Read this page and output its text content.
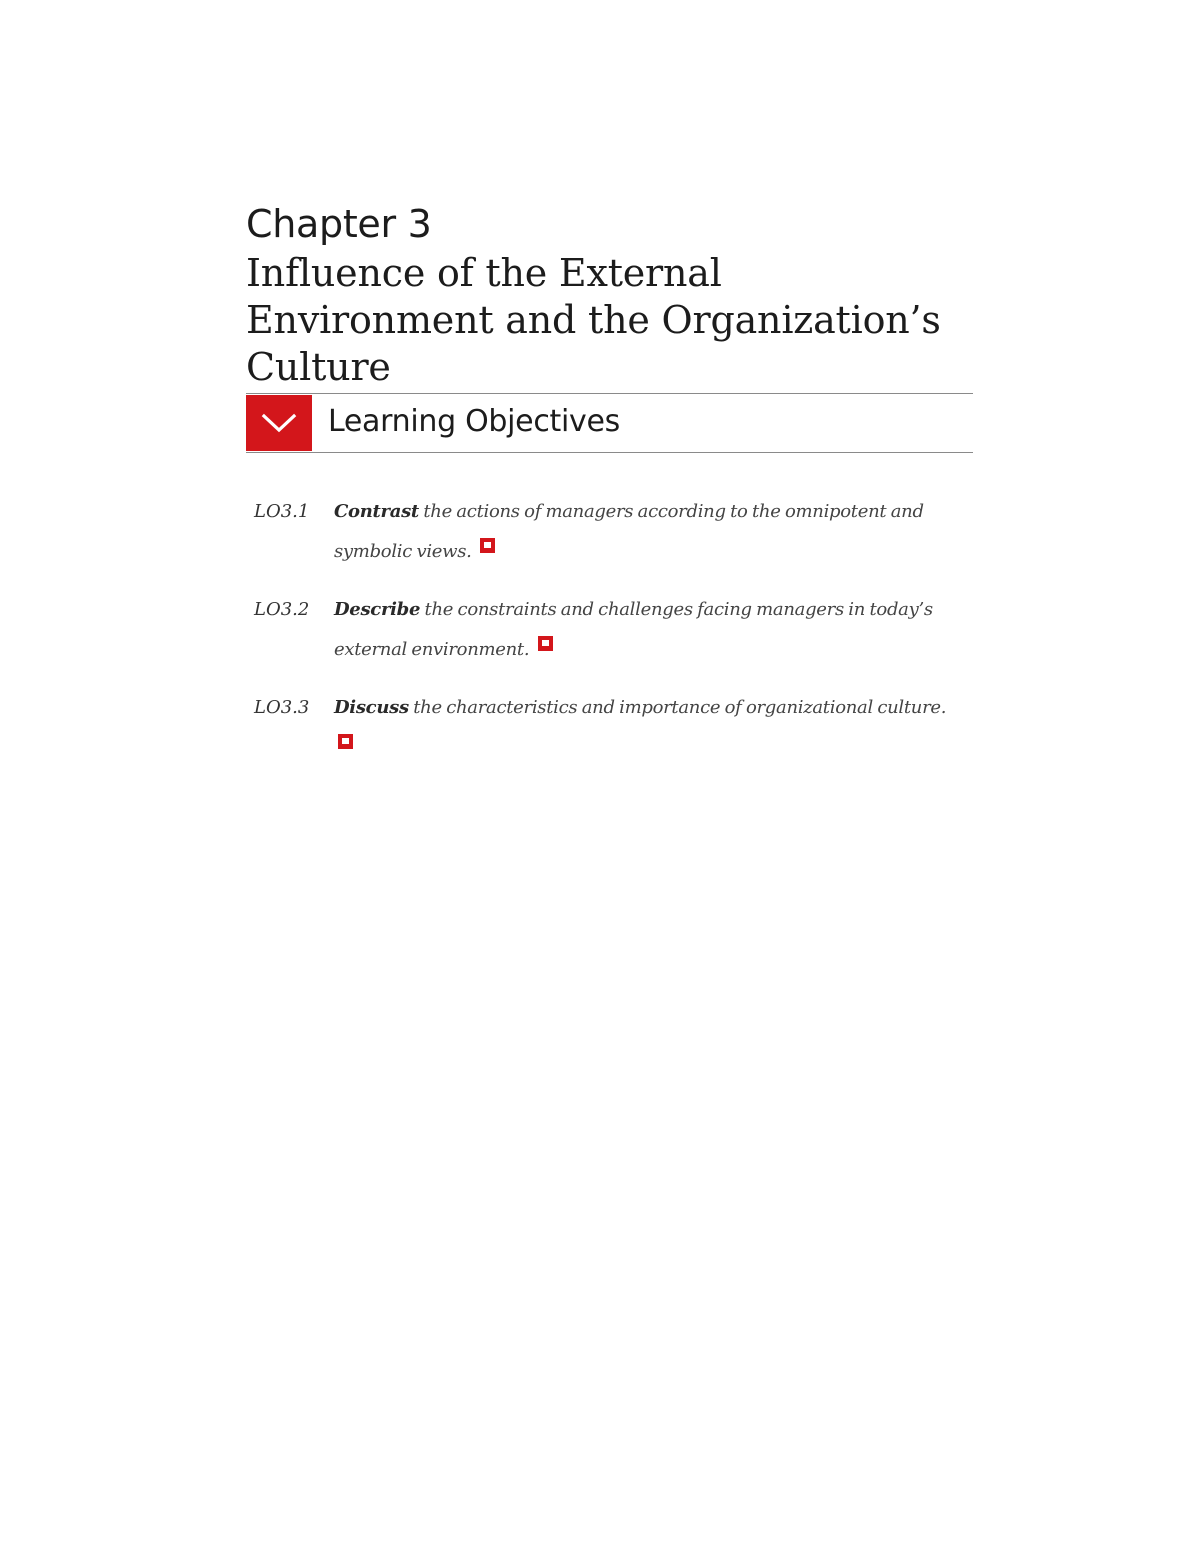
Chapter 3
Influence of the External
Environment and the Organization’s
Culture
Learning Objectives
LO3.1 Contrast the actions of managers according to the omnipotent and symbolic views.
LO3.2 Describe the constraints and challenges facing managers in today’s external environment.
LO3.3 Discuss the characteristics and importance of organizational culture.
